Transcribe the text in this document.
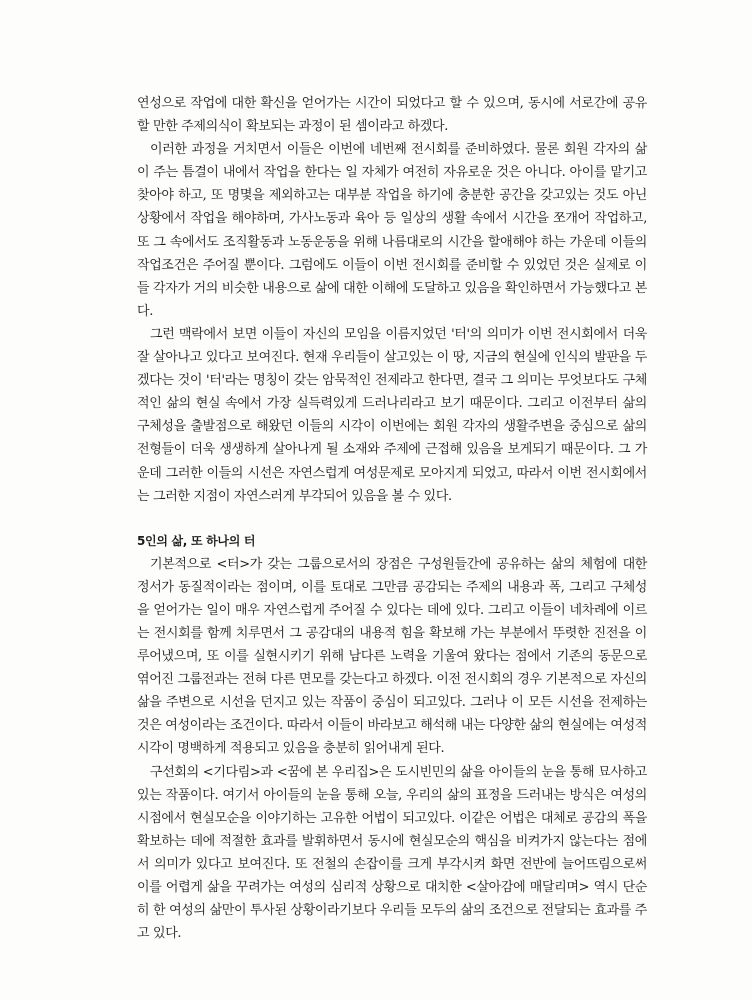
연성으로 작업에 대한 확신을 얻어가는 시간이 되었다고 할 수 있으며, 동시에 서로간에 공유할 만한 주제의식이 확보되는 과정이 된 셈이라고 하겠다.

이러한 과정을 거치면서 이들은 이번에 네번째 전시회를 준비하였다. 물론 회원 각자의 삶이 주는 틈결이 내에서 작업을 한다는 일 자체가 여전히 자유로운 것은 아니다. 아이를 맡기고 찾아야 하고, 또 명몇을 제외하고는 대부분 작업을 하기에 충분한 공간을 갖고있는 것도 아닌 상황에서 작업을 해야하며, 가사노동과 육아 등 일상의 생활 속에서 시간을 쪼개어 작업하고, 또 그 속에서도 조직활동과 노동운동을 위해 나름대로의 시간을 할애해야 하는 가운데 이들의 작업조건은 주어질 뿐이다. 그럼에도 이들이 이번 전시회를 준비할 수 있었던 것은 실제로 이들 각자가 거의 비슷한 내용으로 삶에 대한 이해에 도달하고 있음을 확인하면서 가능했다고 본다.

그런 맥락에서 보면 이들이 자신의 모임을 이름지었던 '터'의 의미가 이번 전시회에서 더욱 잘 살아나고 있다고 보여진다. 현재 우리들이 살고있는 이 땅, 지금의 현실에 인식의 발판을 두겠다는 것이 '터'라는 명칭이 갖는 암묵적인 전제라고 한다면, 결국 그 의미는 무엇보다도 구체적인 삶의 현실 속에서 가장 실득력있게 드러나리라고 보기 때문이다. 그리고 이전부터 삶의 구체성을 출발점으로 해왔던 이들의 시각이 이번에는 회원 각자의 생활주변을 중심으로 삶의 전형들이 더욱 생생하게 살아나게 될 소재와 주제에 근접해 있음을 보게되기 때문이다. 그 가운데 그러한 이들의 시선은 자연스럽게 여성문제로 모아지게 되었고, 따라서 이번 전시회에서는 그러한 지점이 자연스러게 부각되어 있음을 볼 수 있다.

5인의 삶, 또 하나의 터

기본적으로 <터>가 갖는 그룹으로서의 장점은 구성원들간에 공유하는 삶의 체험에 대한 정서가 동질적이라는 점이며, 이를 토대로 그만큼 공감되는 주제의 내용과 폭, 그리고 구체성을 얻어가는 일이 매우 자연스럽게 주어질 수 있다는 데에 있다. 그리고 이들이 네차례에 이르는 전시회를 함께 치루면서 그 공감대의 내용적 힘을 확보해 가는 부분에서 뚜렷한 진전을 이루어냈으며, 또 이를 실현시키기 위해 남다른 노력을 기울여 왔다는 점에서 기존의 동문으로 엮어진 그룹전과는 전혀 다른 면모를 갖는다고 하겠다. 이전 전시회의 경우 기본적으로 자신의 삶을 주변으로 시선을 던지고 있는 작품이 중심이 되고있다. 그러나 이 모든 시선을 전제하는 것은 여성이라는 조건이다. 따라서 이들이 바라보고 해석해 내는 다양한 삶의 현실에는 여성적 시각이 명백하게 적용되고 있음을 충분히 읽어내게 된다.

구선회의 <기다림>과 <꿈에 본 우리집>은 도시빈민의 삶을 아이들의 눈을 통해 묘사하고 있는 작품이다. 여기서 아이들의 눈을 통해 오늘, 우리의 삶의 표정을 드러내는 방식은 여성의 시점에서 현실모순을 이야기하는 고유한 어법이 되고있다. 이같은 어법은 대체로 공감의 폭을 확보하는 데에 적절한 효과를 발휘하면서 동시에 현실모순의 핵심을 비켜가지 않는다는 점에서 의미가 있다고 보여진다. 또 전철의 손잡이를 크게 부각시켜 화면 전반에 늘어뜨림으로써 이를 어렵게 삶을 꾸려가는 여성의 심리적 상황으로 대치한 <살아감에 매달리며> 역시 단순히 한 여성의 삶만이 투사된 상황이라기보다 우리들 모두의 삶의 조건으로 전달되는 효과를 주고 있다.
